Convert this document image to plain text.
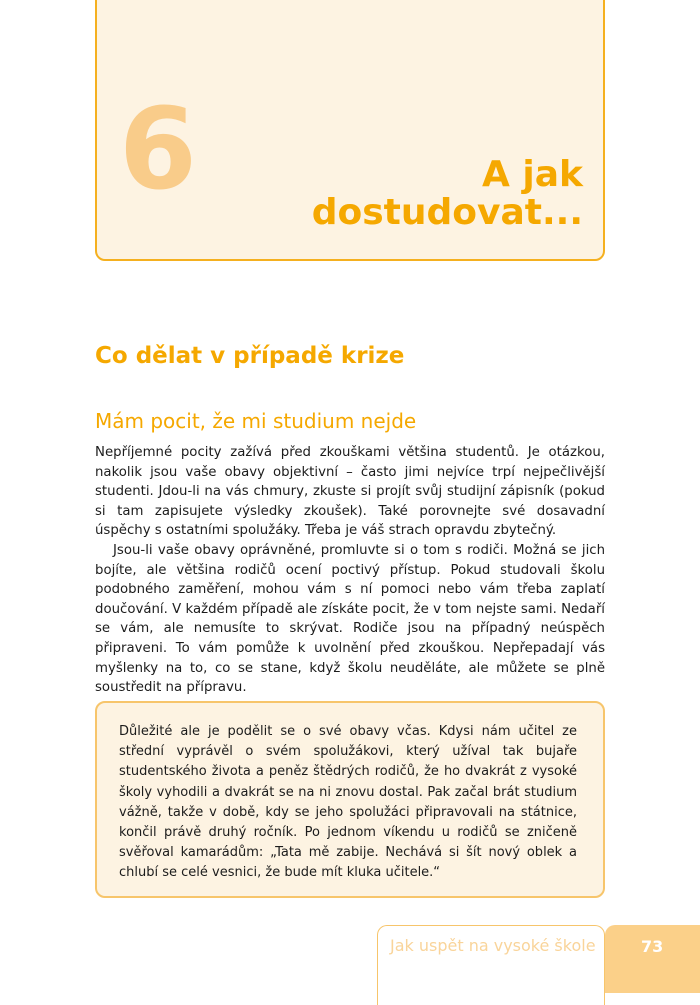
6	A jak
dostudovat...
Co dělat v případě krize
Mám pocit, že mi studium nejde

Nepříjemné pocity zažívá před zkouškami většina studentů. Je otázkou, nakolik jsou vaše obavy objektivní – často jimi nejvíce trpí nejpečlivější studenti. Jdou-li na vás chmury, zkuste si projít svůj studijní zápisník (pokud si tam zapisujete výsledky zkoušek). Také porovnejte své dosavadní úspěchy s ostatními spolužáky. Třeba je váš strach opravdu zbytečný.

Jsou-li vaše obavy oprávněné, promluvte si o tom s rodiči. Možná se jich bojíte, ale většina rodičů ocení poctivý přístup. Pokud studovali školu podobného zaměření, mohou vám s ní pomoci nebo vám třeba zaplatí doučování. V každém případě ale získáte pocit, že v tom nejste sami. Nedaří se vám, ale nemusíte to skrývat. Rodiče jsou na případný neúspěch připraveni. To vám pomůže k uvolnění před zkouškou. Nepřepadají vás myšlenky na to, co se stane, když školu neuděláte, ale můžete se plně soustředit na přípravu.

Důležité ale je podělit se o své obavy včas. Kdysi nám učitel ze střední vyprávěl o svém spolužákovi, který užíval tak bujaře studentského života a peněz štědrých rodičů, že ho dvakrát z vysoké školy vyhodili a dvakrát se na ni znovu dostal. Pak začal brát studium vážně, takže v době, kdy se jeho spolužáci připravovali na státnice, končil právě druhý ročník. Po jednom víkendu u rodičů se zničeně svěřoval kamarádům: „Tata mě zabije. Nechává si šít nový oblek a chlubí se celé vesnici, že bude mít kluka učitele.“

Jak uspět na vysoké škole	73
